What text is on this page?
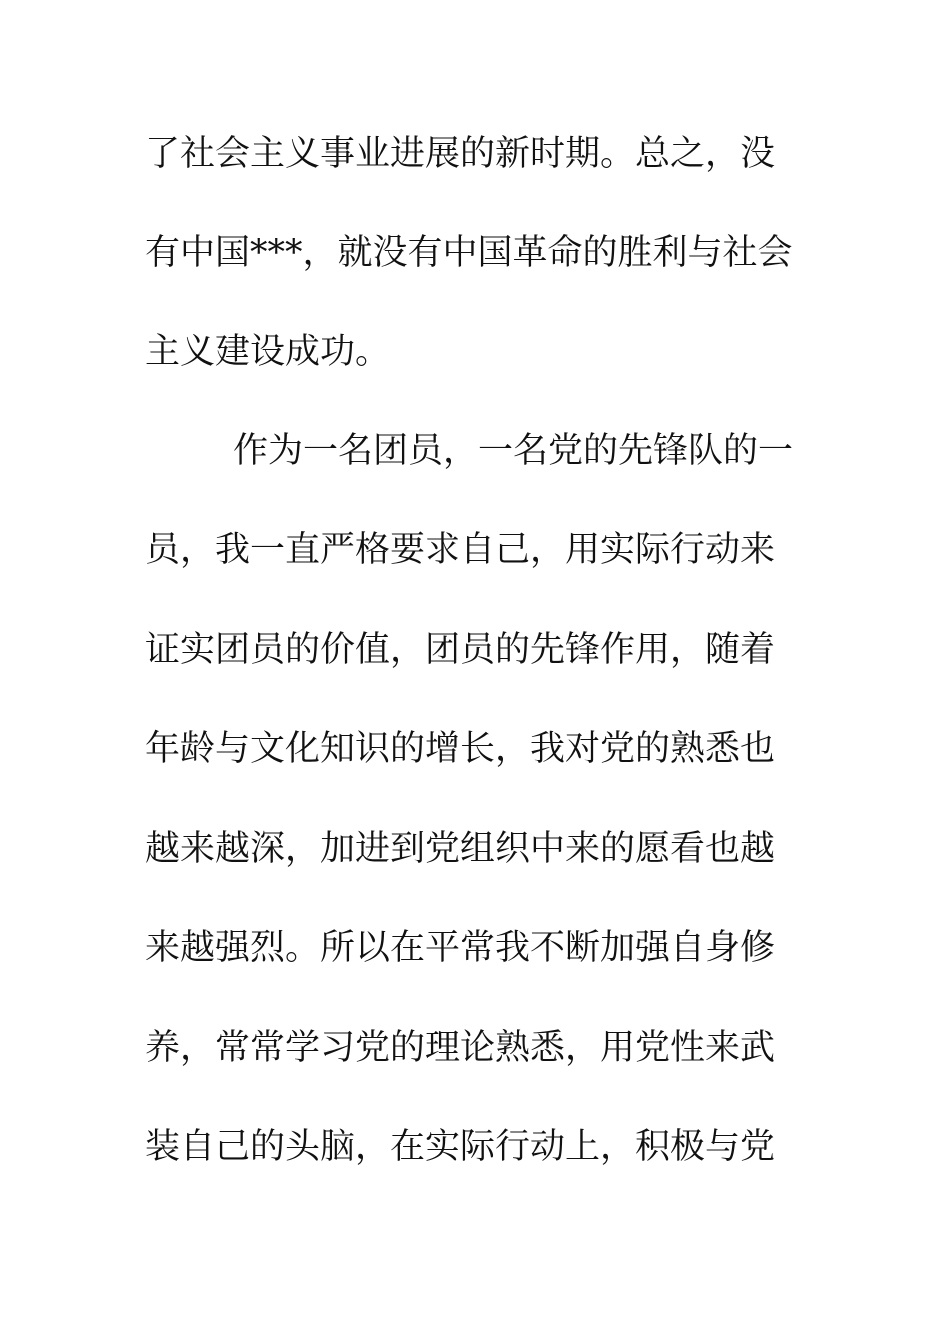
了社会主义事业进展的新时期。总之，没
有中国***，就没有中国革命的胜利与社会
主义建设成功。
作为一名团员，一名党的先锋队的一
员，我一直严格要求自己，用实际行动来
证实团员的价值，团员的先锋作用，随着
年龄与文化知识的增长，我对党的熟悉也
越来越深，加进到党组织中来的愿看也越
来越强烈。所以在平常我不断加强自身修
养，常常学习党的理论熟悉，用党性来武
装自己的头脑，在实际行动上，积极与党
